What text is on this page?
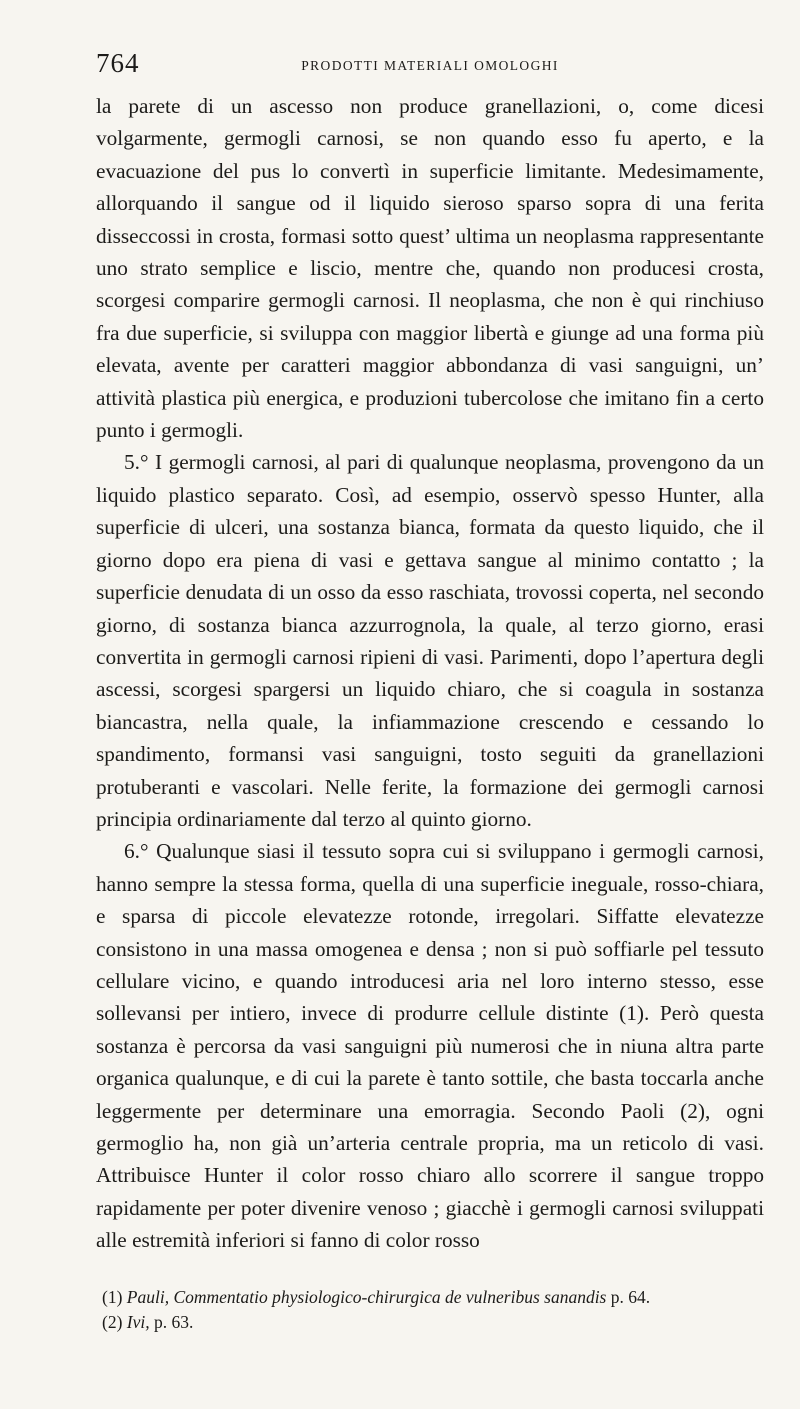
764	PRODOTTI MATERIALI OMOLOGHI

la parete di un ascesso non produce granellazioni, o, come dicesi volgarmente, germogli carnosi, se non quando esso fu aperto, e la evacuazione del pus lo convertì in superficie limitante. Medesimamente, allorquando il sangue od il liquido sieroso sparso sopra di una ferita disseccossi in crosta, formasi sotto quest’ ultima un neoplasma rappresentante uno strato semplice e liscio, mentre che, quando non producesi crosta, scorgesi comparire germogli carnosi. Il neoplasma, che non è qui rinchiuso fra due superficie, si sviluppa con maggior libertà e giunge ad una forma più elevata, avente per caratteri maggior abbondanza di vasi sanguigni, un’ attività plastica più energica, e produzioni tubercolose che imitano fin a certo punto i germogli.

5.° I germogli carnosi, al pari di qualunque neoplasma, provengono da un liquido plastico separato. Così, ad esempio, osservò spesso Hunter, alla superficie di ulceri, una sostanza bianca, formata da questo liquido, che il giorno dopo era piena di vasi e gettava sangue al minimo contatto ; la superficie denudata di un osso da esso raschiata, trovossi coperta, nel secondo giorno, di sostanza bianca azzurrognola, la quale, al terzo giorno, erasi convertita in germogli carnosi ripieni di vasi. Parimenti, dopo l’apertura degli ascessi, scorgesi spargersi un liquido chiaro, che si coagula in sostanza biancastra, nella quale, la infiammazione crescendo e cessando lo spandimento, formansi vasi sanguigni, tosto seguiti da granellazioni protuberanti e vascolari. Nelle ferite, la formazione dei germogli carnosi principia ordinariamente dal terzo al quinto giorno.

6.° Qualunque siasi il tessuto sopra cui si sviluppano i germogli carnosi, hanno sempre la stessa forma, quella di una superficie ineguale, rosso-chiara, e sparsa di piccole elevatezze rotonde, irregolari. Siffatte elevatezze consistono in una massa omogenea e densa ; non si può soffiarle pel tessuto cellulare vicino, e quando introducesi aria nel loro interno stesso, esse sollevansi per intiero, invece di produrre cellule distinte (1). Però questa sostanza è percorsa da vasi sanguigni più numerosi che in niuna altra parte organica qualunque, e di cui la parete è tanto sottile, che basta toccarla anche leggermente per determinare una emorragia. Secondo Paoli (2), ogni germoglio ha, non già un’arteria centrale propria, ma un reticolo di vasi. Attribuisce Hunter il color rosso chiaro allo scorrere il sangue troppo rapidamente per poter divenire venoso ; giacchè i germogli carnosi sviluppati alle estremità inferiori si fanno di color rosso

(1) Pauli, Commentatio physiologico-chirurgica de vulneribus sanandis p. 64.

(2) Ivi, p. 63.
